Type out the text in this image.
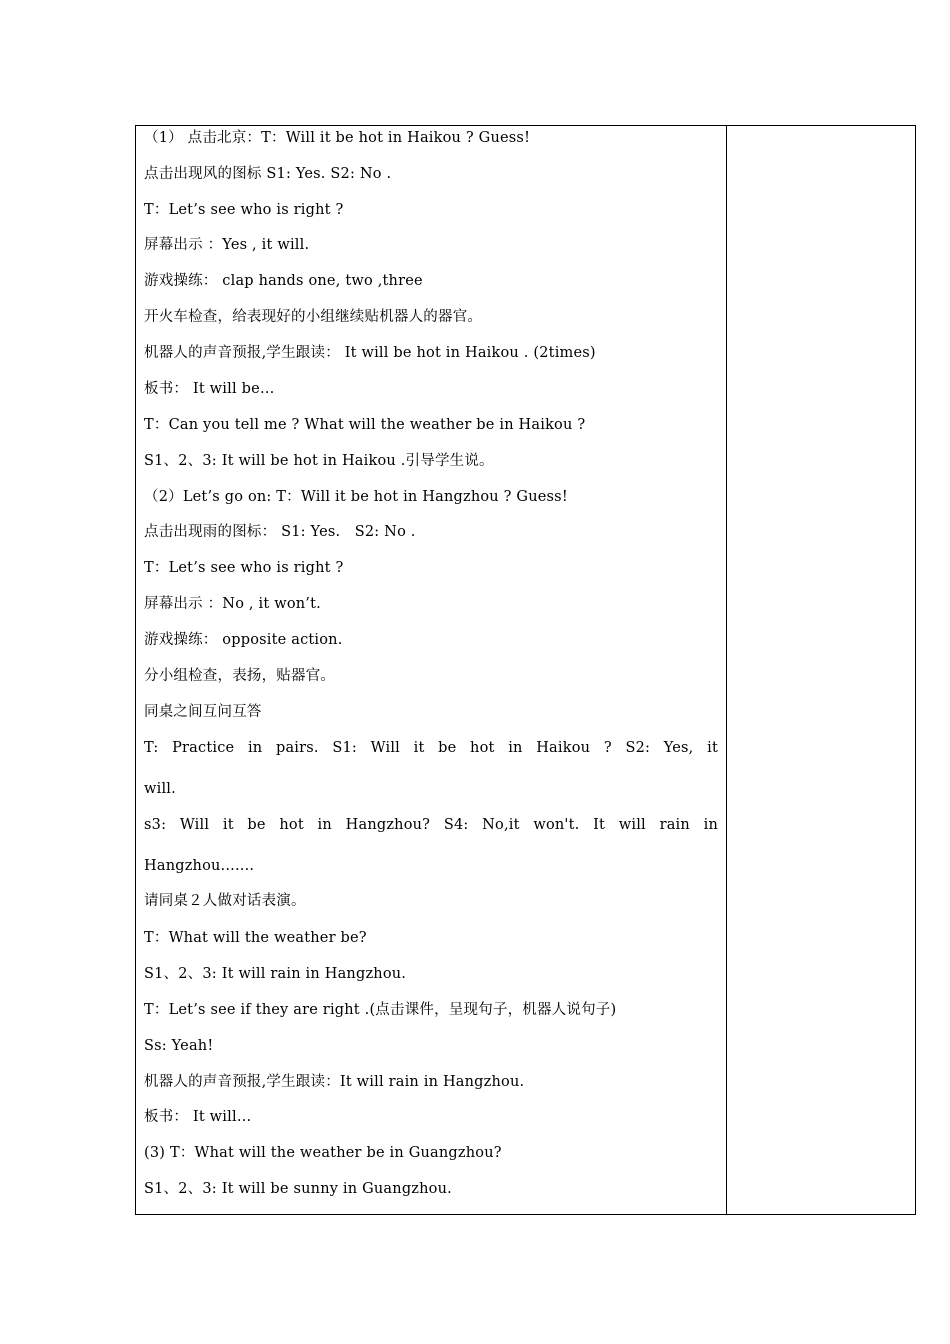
（1） 点击北京：T：Will it be hot in Haikou ? Guess!
点击出现风的图标 S1: Yes. S2: No .
T：Let’s see who is right ?
屏幕出示 ：Yes , it will.
游戏操练： clap hands one, two ,three
开火车检查，给表现好的小组继续贴机器人的器官。
机器人的声音预报,学生跟读： It will be hot in Haikou . (2times)
板书： It will be…
T：Can you tell me ? What will the weather be in Haikou ?
S1、2、3: It will be hot in Haikou .引导学生说。
（2）Let’s go on: T：Will it be hot in Hangzhou ? Guess!
点击出现雨的图标： S1: Yes.   S2: No .
T：Let’s see who is right ?
屏幕出示 ：No , it won’t.
游戏操练： opposite action.
分小组检查，表扬，贴器官。
同桌之间互问互答
T: Practice in pairs. S1: Will it be hot in Haikou ? S2: Yes, it
will.
s3: Will it be hot in Hangzhou? S4: No,it won't. It will rain in
Hangzhou.......
请同桌２人做对话表演。
T：What will the weather be?
S1、2、3: It will rain in Hangzhou.
T：Let’s see if they are right .(点击课件，呈现句子，机器人说句子)
Ss: Yeah!
机器人的声音预报,学生跟读：It will rain in Hangzhou.
板书： It will…
(3) T：What will the weather be in Guangzhou?
S1、2、3: It will be sunny in Guangzhou.
